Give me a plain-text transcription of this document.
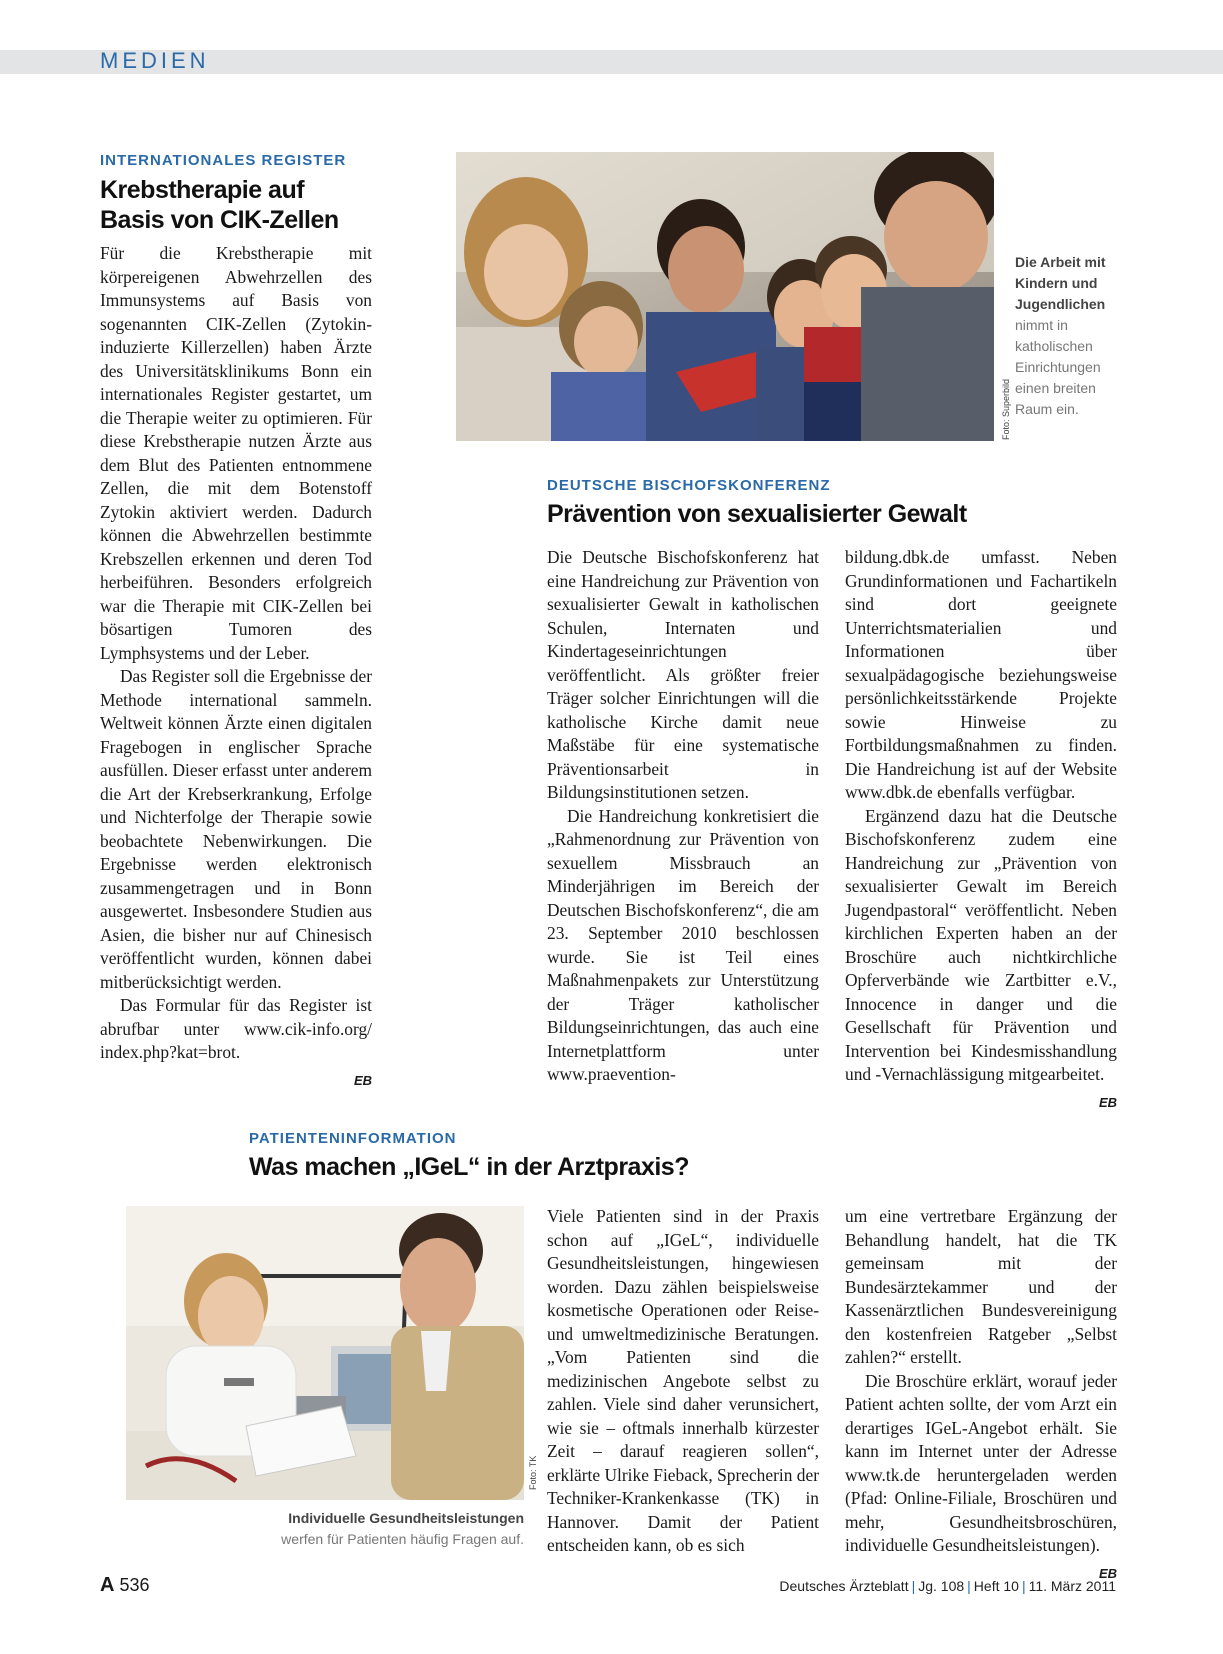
MEDIEN
INTERNATIONALES REGISTER
Krebstherapie auf
Basis von CIK-Zellen

Für die Krebstherapie mit körpereigenen Abwehrzellen des Immunsystems auf Basis von sogenannten CIK-Zellen (Zytokin-induzierte Killerzellen) haben Ärzte des Universitätsklinikums Bonn ein internationales Register gestartet, um die Therapie weiter zu optimieren. Für diese Krebstherapie nutzen Ärzte aus dem Blut des Patienten entnommene Zellen, die mit dem Botenstoff Zytokin aktiviert werden. Dadurch können die Abwehrzellen bestimmte Krebszellen erkennen und deren Tod herbeiführen. Besonders erfolgreich war die Therapie mit CIK-Zellen bei bösartigen Tumoren des Lymphsystems und der Leber.

Das Register soll die Ergebnisse der Methode international sammeln. Weltweit können Ärzte einen digitalen Fragebogen in englischer Sprache ausfüllen. Dieser erfasst unter anderem die Art der Krebserkrankung, Erfolge und Nichterfolge der Therapie sowie beobachtete Nebenwirkungen. Die Ergebnisse werden elektronisch zusammengetragen und in Bonn ausgewertet. Insbesondere Studien aus Asien, die bisher nur auf Chinesisch veröffentlicht wurden, können dabei mitberücksichtigt werden.

Das Formular für das Register ist abrufbar unter www.cik-info.org/ index.php?kat=brot.

EB
Foto: Superbild
Die Arbeit mit Kindern und Jugendlichen nimmt in katholischen Einrichtungen einen breiten Raum ein.
DEUTSCHE BISCHOFSKONFERENZ
Prävention von sexualisierter Gewalt

Die Deutsche Bischofskonferenz hat eine Handreichung zur Prävention von sexualisierter Gewalt in katholischen Schulen, Internaten und Kindertageseinrichtungen veröffentlicht. Als größter freier Träger solcher Einrichtungen will die katholische Kirche damit neue Maßstäbe für eine systematische Präventionsarbeit in Bildungsinstitutionen setzen.

Die Handreichung konkretisiert die „Rahmenordnung zur Prävention von sexuellem Missbrauch an Minderjährigen im Bereich der Deutschen Bischofskonferenz“, die am 23. September 2010 beschlossen wurde. Sie ist Teil eines Maßnahmenpakets zur Unterstützung der Träger katholischer Bildungseinrichtungen, das auch eine Internetplattform unter www.praevention-

bildung.dbk.de umfasst. Neben Grundinformationen und Fachartikeln sind dort geeignete Unterrichtsmaterialien und Informationen über sexualpädagogische beziehungsweise persönlichkeitsstärkende Projekte sowie Hinweise zu Fortbildungsmaßnahmen zu finden. Die Handreichung ist auf der Website www.dbk.de ebenfalls verfügbar.

Ergänzend dazu hat die Deutsche Bischofskonferenz zudem eine Handreichung zur „Prävention von sexualisierter Gewalt im Bereich Jugendpastoral“ veröffentlicht. Neben kirchlichen Experten haben an der Broschüre auch nichtkirchliche Opferverbände wie Zartbitter e.V., Innocence in danger und die Gesellschaft für Prävention und Intervention bei Kindesmisshandlung und -Vernachlässigung mitgearbeitet.

EB
PATIENTENINFORMATION
Was machen „IGeL“ in der Arztpraxis?
Foto: TK
Individuelle Gesundheitsleistungen
werfen für Patienten häufig Fragen auf.

Viele Patienten sind in der Praxis schon auf „IGeL“, individuelle Gesundheitsleistungen, hingewiesen worden. Dazu zählen beispielsweise kosmetische Operationen oder Reise- und umweltmedizinische Beratungen. „Vom Patienten sind die medizinischen Angebote selbst zu zahlen. Viele sind daher verunsichert, wie sie – oftmals innerhalb kürzester Zeit – darauf reagieren sollen“, erklärte Ulrike Fieback, Sprecherin der Techniker-Krankenkasse (TK) in Hannover. Damit der Patient entscheiden kann, ob es sich

um eine vertretbare Ergänzung der Behandlung handelt, hat die TK gemeinsam mit der Bundesärztekammer und der Kassenärztlichen Bundesvereinigung den kostenfreien Ratgeber „Selbst zahlen?“ erstellt.

Die Broschüre erklärt, worauf jeder Patient achten sollte, der vom Arzt ein derartiges IGeL-Angebot erhält. Sie kann im Internet unter der Adresse www.tk.de heruntergeladen werden (Pfad: Online-Filiale, Broschüren und mehr, Gesundheitsbroschüren, individuelle Gesundheitsleistungen).

EB
A 536	Deutsches Ärzteblatt | Jg. 108 | Heft 10 | 11. März 2011
